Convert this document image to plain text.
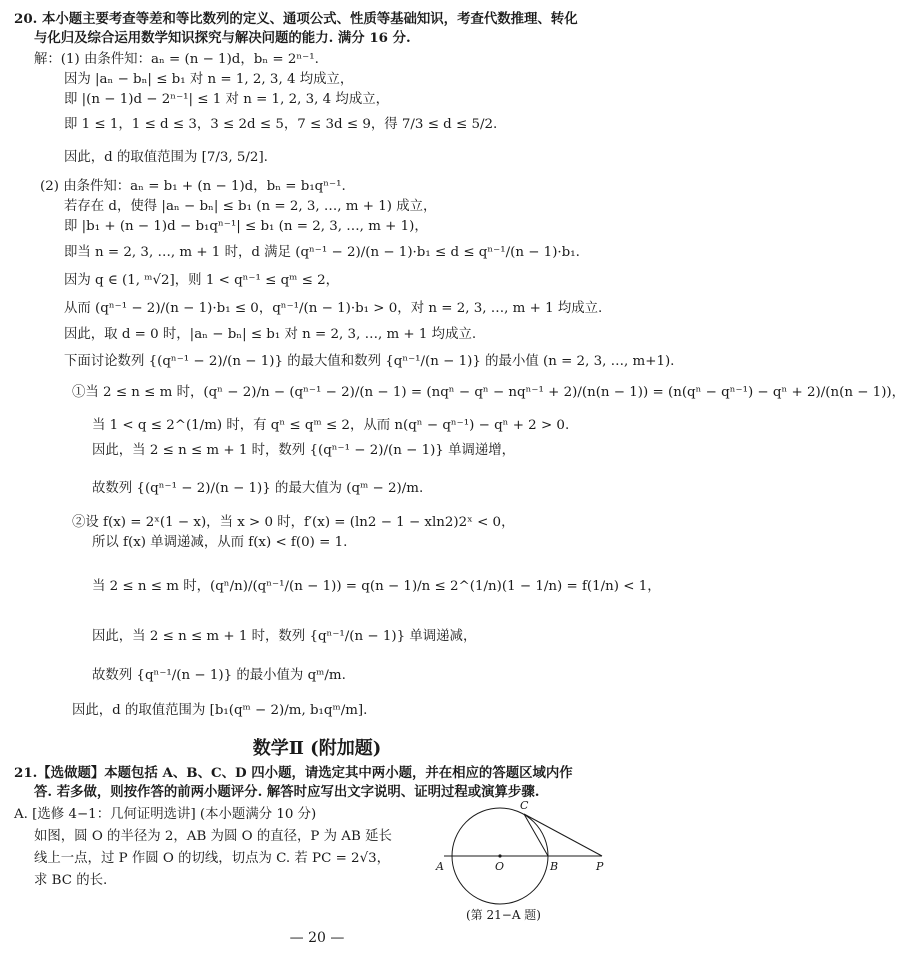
20. 本小题主要考查等差和等比数列的定义、通项公式、性质等基础知识，考查代数推理、转化
与化归及综合运用数学知识探究与解决问题的能力. 满分 16 分.
解：(1) 由条件知：aₙ = (n − 1)d，bₙ = 2ⁿ⁻¹.
因为 |aₙ − bₙ| ≤ b₁ 对 n = 1, 2, 3, 4 均成立，
即 |(n − 1)d − 2ⁿ⁻¹| ≤ 1 对 n = 1, 2, 3, 4 均成立，
即 1 ≤ 1，1 ≤ d ≤ 3，3 ≤ 2d ≤ 5，7 ≤ 3d ≤ 9，得 7/3 ≤ d ≤ 5/2.
因此，d 的取值范围为 [7/3, 5/2].
(2) 由条件知：aₙ = b₁ + (n − 1)d，bₙ = b₁qⁿ⁻¹.
若存在 d，使得 |aₙ − bₙ| ≤ b₁ (n = 2, 3, …, m + 1) 成立，
即 |b₁ + (n − 1)d − b₁qⁿ⁻¹| ≤ b₁ (n = 2, 3, …, m + 1)，
即当 n = 2, 3, …, m + 1 时，d 满足 (qⁿ⁻¹ − 2)/(n − 1)·b₁ ≤ d ≤ qⁿ⁻¹/(n − 1)·b₁.
因为 q ∈ (1, ᵐ√2]，则 1 < qⁿ⁻¹ ≤ qᵐ ≤ 2，
从而 (qⁿ⁻¹ − 2)/(n − 1)·b₁ ≤ 0，qⁿ⁻¹/(n − 1)·b₁ > 0，对 n = 2, 3, …, m + 1 均成立.
因此，取 d = 0 时，|aₙ − bₙ| ≤ b₁ 对 n = 2, 3, …, m + 1 均成立.
下面讨论数列 {(qⁿ⁻¹ − 2)/(n − 1)} 的最大值和数列 {qⁿ⁻¹/(n − 1)} 的最小值 (n = 2, 3, …, m+1).
①当 2 ≤ n ≤ m 时，(qⁿ − 2)/n − (qⁿ⁻¹ − 2)/(n − 1) = (nqⁿ − qⁿ − nqⁿ⁻¹ + 2)/(n(n − 1)) = (n(qⁿ − qⁿ⁻¹) − qⁿ + 2)/(n(n − 1))，
当 1 < q ≤ 2^(1/m) 时，有 qⁿ ≤ qᵐ ≤ 2，从而 n(qⁿ − qⁿ⁻¹) − qⁿ + 2 > 0.
因此，当 2 ≤ n ≤ m + 1 时，数列 {(qⁿ⁻¹ − 2)/(n − 1)} 单调递增，
故数列 {(qⁿ⁻¹ − 2)/(n − 1)} 的最大值为 (qᵐ − 2)/m.
②设 f(x) = 2ˣ(1 − x)，当 x > 0 时，f′(x) = (ln2 − 1 − xln2)2ˣ < 0，
所以 f(x) 单调递减，从而 f(x) < f(0) = 1.
当 2 ≤ n ≤ m 时，(qⁿ/n)/(qⁿ⁻¹/(n − 1)) = q(n − 1)/n ≤ 2^(1/n)(1 − 1/n) = f(1/n) < 1，
因此，当 2 ≤ n ≤ m + 1 时，数列 {qⁿ⁻¹/(n − 1)} 单调递减，
故数列 {qⁿ⁻¹/(n − 1)} 的最小值为 qᵐ/m.
因此，d 的取值范围为 [b₁(qᵐ − 2)/m, b₁qᵐ/m].
数学Ⅱ (附加题)
21.【选做题】本题包括 A、B、C、D 四小题，请选定其中两小题，并在相应的答题区域内作
答. 若多做，则按作答的前两小题评分. 解答时应写出文字说明、证明过程或演算步骤.
A. [选修 4−1：几何证明选讲] (本小题满分 10 分)
如图，圆 O 的半径为 2，AB 为圆 O 的直径，P 为 AB 延长
线上一点，过 P 作圆 O 的切线，切点为 C. 若 PC = 2√3，
求 BC 的长.
A	O	B	P
C
(第 21−A 题)
— 20 —
